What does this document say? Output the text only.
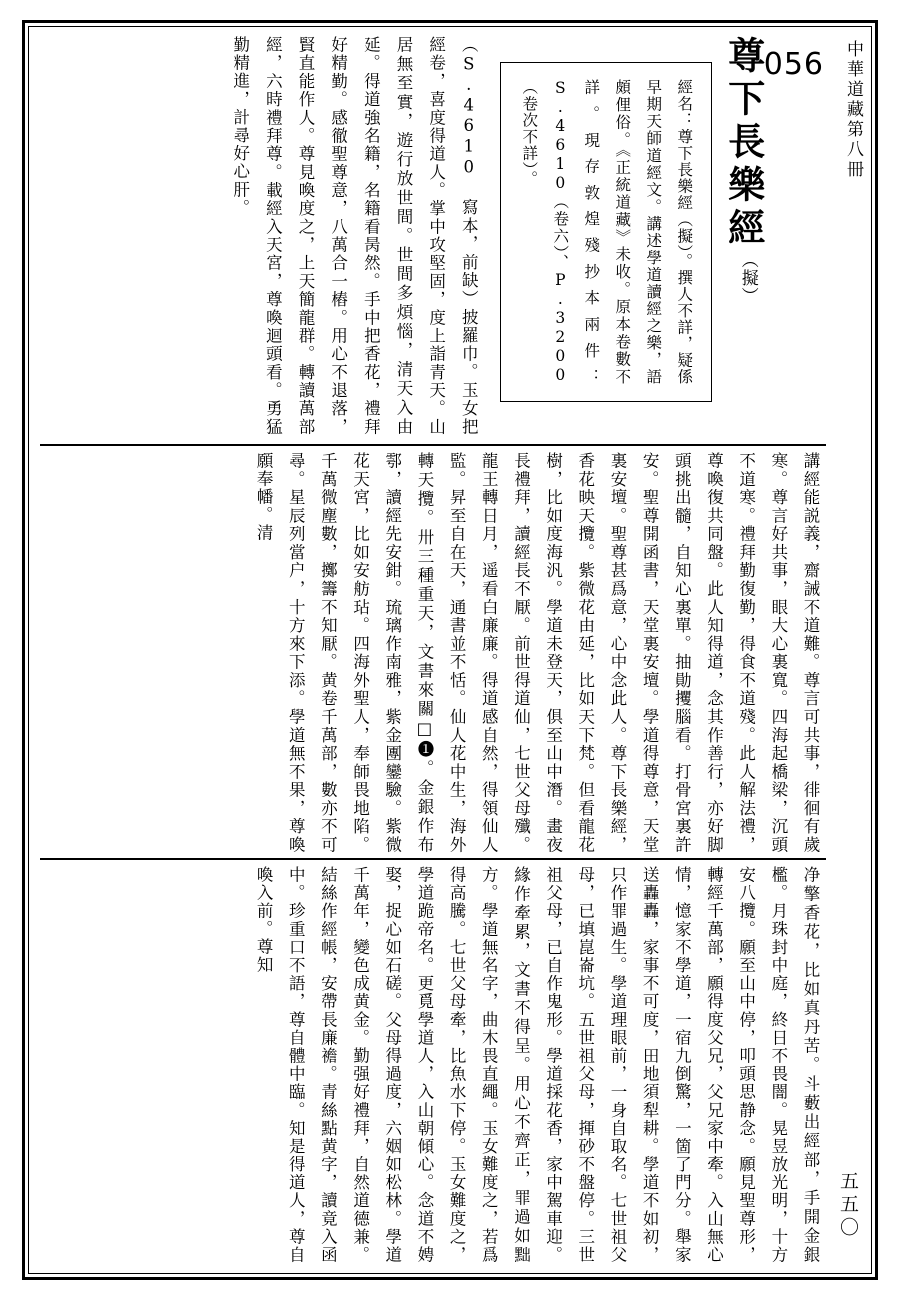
中華道藏第八冊
五五〇
056
尊下長樂經（擬） 經名：尊下長樂經（擬）。撰人不詳，疑係早期天師道經文。講述學道讀經之樂，語頗俚俗。《正統道藏》未收。原本卷數不詳。現存敦煌殘抄本兩件：S.4610（卷六）、P.3200（卷次不詳）。 （S.4610 寫本，前缺）披羅巾。玉女把經卷，喜度得道人。掌中攻堅固，度上詣青天。山居無至實，遊行放世間。世間多煩惱，清天入由延。得道強名籍，名籍看昺然。手中把香花，禮拜好精勤。感徹聖尊意，八萬合一樁。用心不退落，賢直能作人。尊見喚度之，上天簡龍群。轉讀萬部經，六時禮拜尊。載經入天宮，尊喚迴頭看。勇猛勤精進，計尋好心肝。
講經能説義，齋誡不道難。尊言可共事，徘徊有歲寒。尊言好共事，眼大心裏寬。四海起橋梁，沉頭不道寒。禮拜勤復勤，得食不道殘。此人解法禮，尊喚復共同盤。此人知得道，念其作善行，亦好脚頭挑出髓，自知心裏單。抽勛攫腦看。打骨宮裏許安。聖尊開函書，天堂裏安壇。學道得尊意，天堂裏安壇。聖尊甚爲意，心中念此人。尊下長樂經，香花映天攬。紫微花由延，比如天下梵。但看龍花樹，比如度海汎。學道未登天，俱至山中潛。畫夜長禮拜，讀經長不厭。前世得道仙，七世父母殲。龍王轉日月，遥看白廉廉。得道感自然，得領仙人監。昇至自在天，通書並不恬。仙人花中生，海外轉天攬。卅三種重天，文書來關□❶。金銀作布鄠，讀經先安鉗。琉璃作南雅，紫金團鑾驗。紫微花天宮，比如安舫玷。四海外聖人，奉師畏地陷。千萬微塵數，擲籌不知厭。黄卷千萬部，數亦不可尋。星辰列當户，十方來下添。學道無不果，尊喚願奉幡。清
净擎香花，比如真丹苦。斗藪出經部，手開金銀檻。月珠封中庭，終日不畏闇。晃昱放光明，十方安八攬。願至山中停，叩頭思静念。願見聖尊形，轉經千萬部，願得度父兄，父兄家中牽。入山無心情，憶家不學道，一宿九倒驚，一箇了門分。舉家送轟轟，家事不可度，田地須犁耕。學道不如初，只作罪過生。學道理眼前，一身自取名。七世祖父母，已填崑崙坑。五世祖父母，揮砂不盤停。三世祖父母，已自作鬼形。學道採花香，家中駕車迎。緣作牽累，文書不得呈。用心不齊正，罪過如黜方。學道無名字，曲木畏直繩。玉女難度之，若爲得高騰。七世父母牽，比魚水下停。玉女難度之，學道跪帝名。更覓學道人，入山朝傾心。念道不娉娶，捉心如石磋。父母得過度，六姻如松林。學道千萬年，變色成黄金。勤强好禮拜，自然道德兼。結絲作經帳，安帶長廉襜。青絲點黄字，讀竟入函中。珍重口不語，尊自體中臨。知是得道人，尊自喚入前。尊知
